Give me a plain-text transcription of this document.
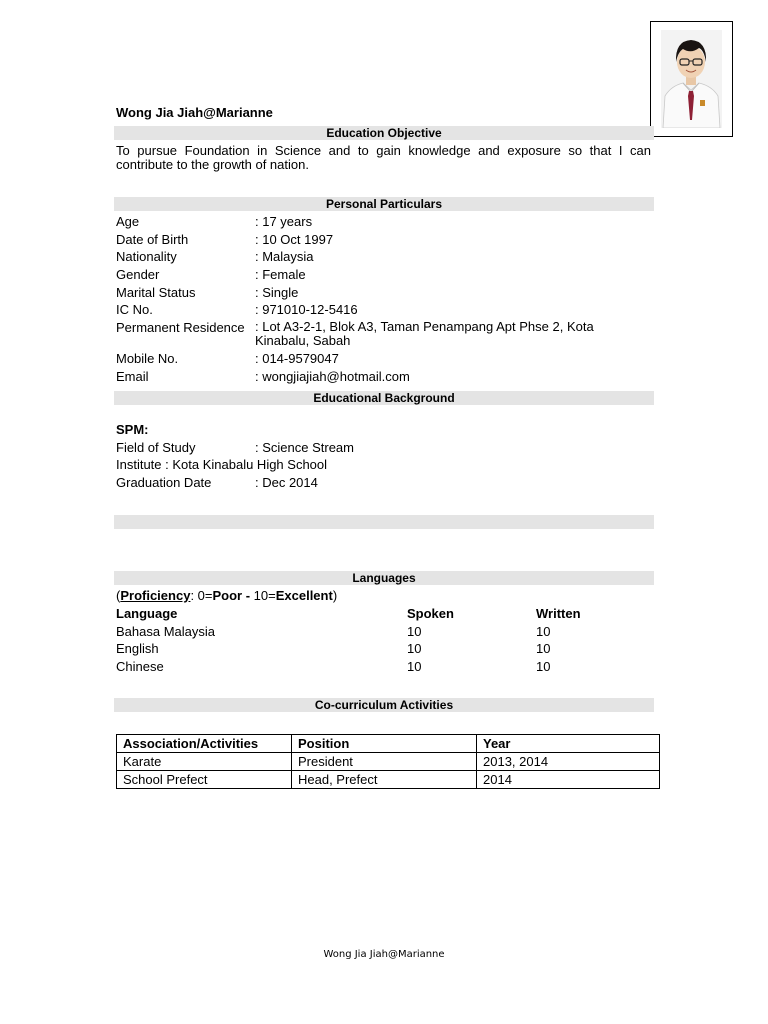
Wong Jia Jiah@Marianne
Education Objective
To pursue Foundation in Science and to gain knowledge and exposure so that I can contribute to the growth of nation.
Personal Particulars
Age	: 17 years
Date of Birth	: 10 Oct 1997
Nationality	: Malaysia
Gender	: Female
Marital Status	: Single
IC No.	: 971010-12-5416
Permanent Residence : Lot A3-2-1, Blok A3, Taman Penampang Apt Phse 2, Kota Kinabalu, Sabah
Mobile No.	: 014-9579047
Email	: wongjiajiah@hotmail.com
Educational Background
SPM:
Field of Study	: Science Stream
Institute : Kota Kinabalu High School
Graduation Date	: Dec 2014
Languages
(Proficiency: 0=Poor - 10=Excellent)
Language	Spoken	Written
Bahasa Malaysia	10	10
English	10	10
Chinese	10	10
Co-curriculum Activities
Association/Activities	Position	Year
Karate	President	2013, 2014
School Prefect	Head, Prefect	2014
Wong Jia Jiah@Marianne
